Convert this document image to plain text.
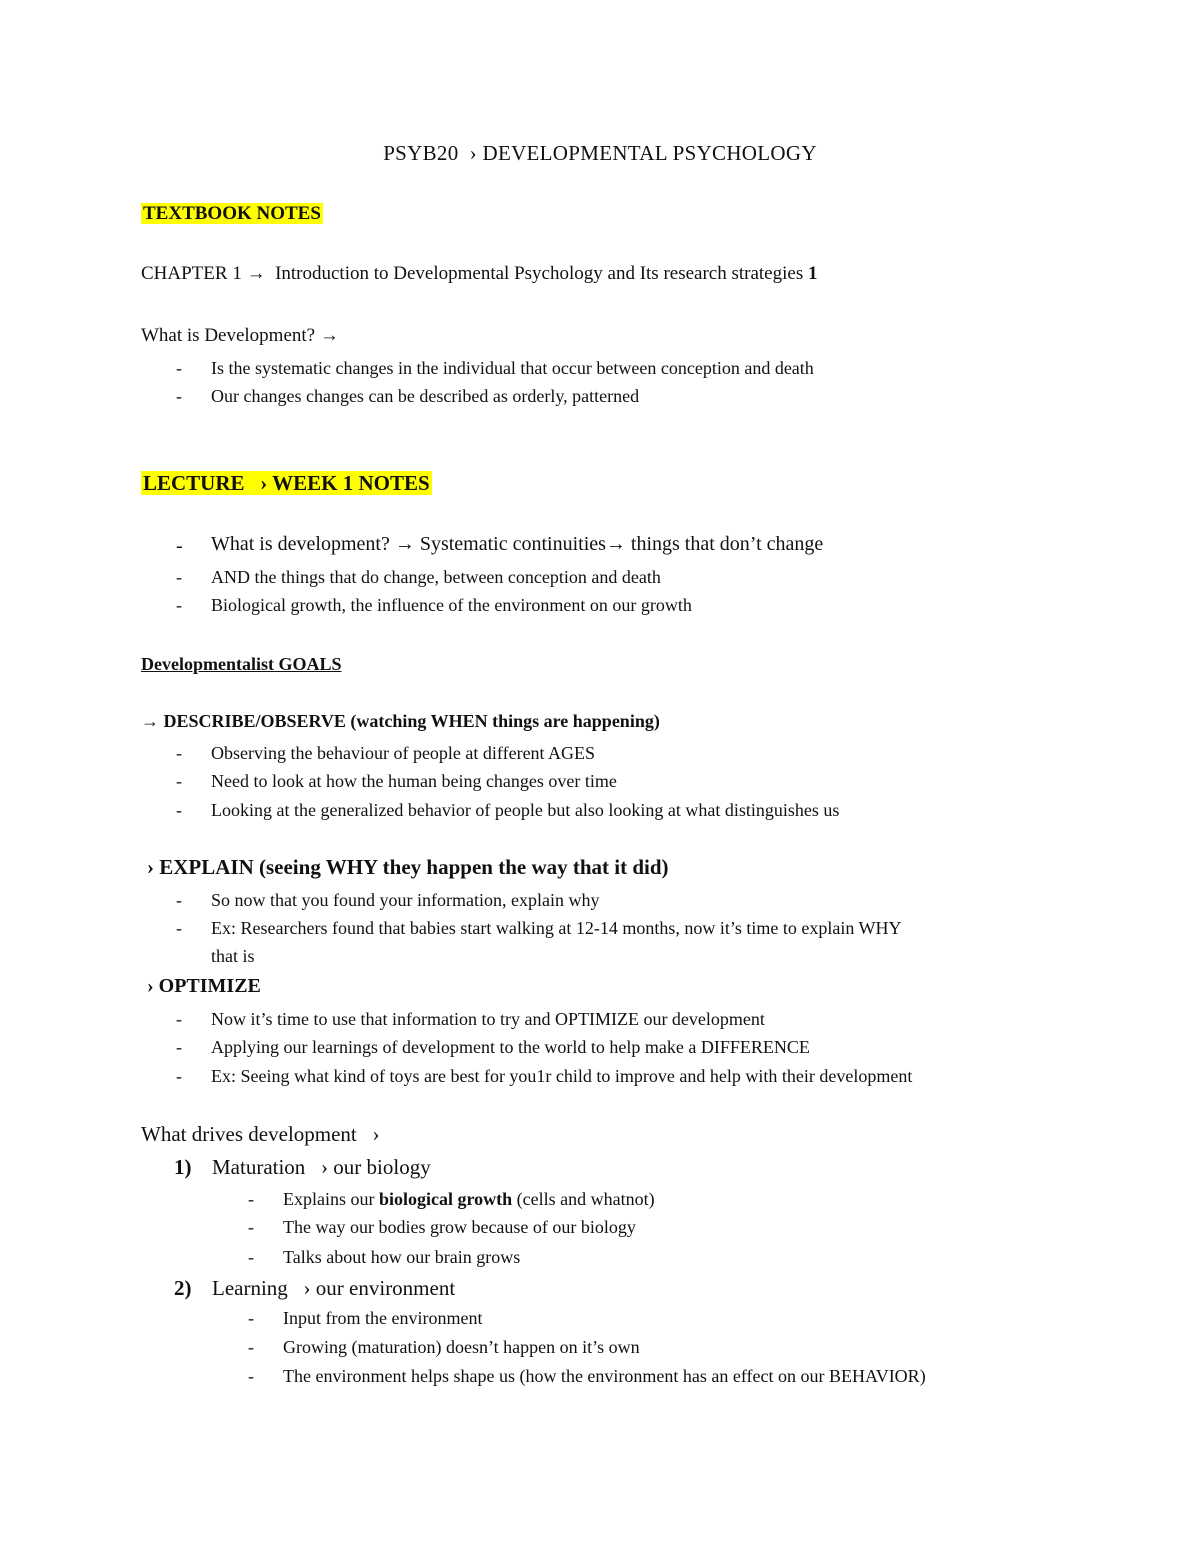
PSYB20  › DEVELOPMENTAL PSYCHOLOGY
TEXTBOOK NOTES
CHAPTER 1 →  Introduction to Developmental Psychology and Its research strategies 1
What is Development? →
- Is the systematic changes in the individual that occur between conception and death
- Our changes changes can be described as orderly, patterned
LECTURE   › WEEK 1 NOTES
- What is development? → Systematic continuities→ things that don’t change
- AND the things that do change, between conception and death
- Biological growth, the influence of the environment on our growth
Developmentalist GOALS
→ DESCRIBE/OBSERVE (watching WHEN things are happening)
- Observing the behaviour of people at different AGES
- Need to look at how the human being changes over time
- Looking at the generalized behavior of people but also looking at what distinguishes us
› EXPLAIN (seeing WHY they happen the way that it did)
- So now that you found your information, explain why
- Ex: Researchers found that babies start walking at 12-14 months, now it’s time to explain WHY
that is
› OPTIMIZE
- Now it’s time to use that information to try and OPTIMIZE our development
- Applying our learnings of development to the world to help make a DIFFERENCE
- Ex: Seeing what kind of toys are best for you1r child to improve and help with their development
What drives development   ›
1) Maturation   › our biology
- Explains our biological growth (cells and whatnot)
- The way our bodies grow because of our biology
- Talks about how our brain grows
2) Learning   › our environment
- Input from the environment
- Growing (maturation) doesn’t happen on it’s own
- The environment helps shape us (how the environment has an effect on our BEHAVIOR)
